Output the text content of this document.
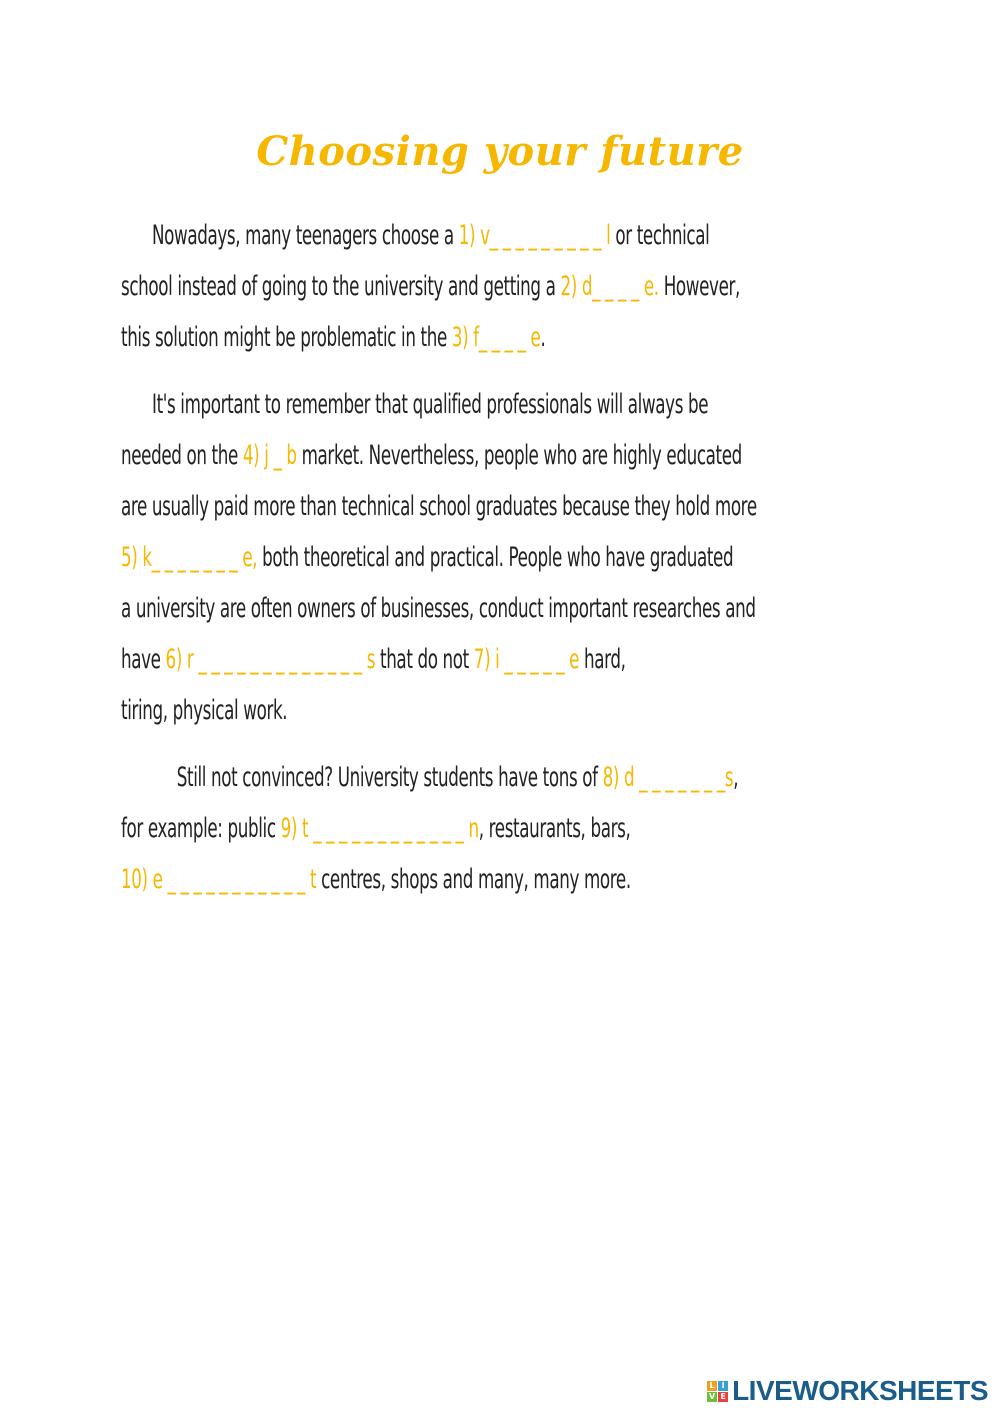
Choosing your future
Nowadays, many teenagers choose a 1) v_ _ _ _ _ _ _ _ _ l or technical
school instead of going to the university and getting a 2) d_ _ _ _ e. However,
this solution might be problematic in the 3) f_ _ _ _ e.
It's important to remember that qualified professionals will always be
needed on the 4) j _ b market. Nevertheless, people who are highly educated
are usually paid more than technical school graduates because they hold more
5) k_ _ _ _ _ _ _ e, both theoretical and practical. People who have graduated
a university are often owners of businesses, conduct important researches and
have 6) r _ _ _ _ _ _ _ _ _ _ _ _ _ s that do not 7) i _ _ _ _ _ e hard,
tiring, physical work.
Still not convinced? University students have tons of 8) d _ _ _ _ _ _ _s,
for example: public 9) t _ _ _ _ _ _ _ _ _ _ _ _ n, restaurants, bars,
10) e _ _ _ _ _ _ _ _ _ _ _ t centres, shops and many, many more.
L I
V E LIVEWORKSHEETS
